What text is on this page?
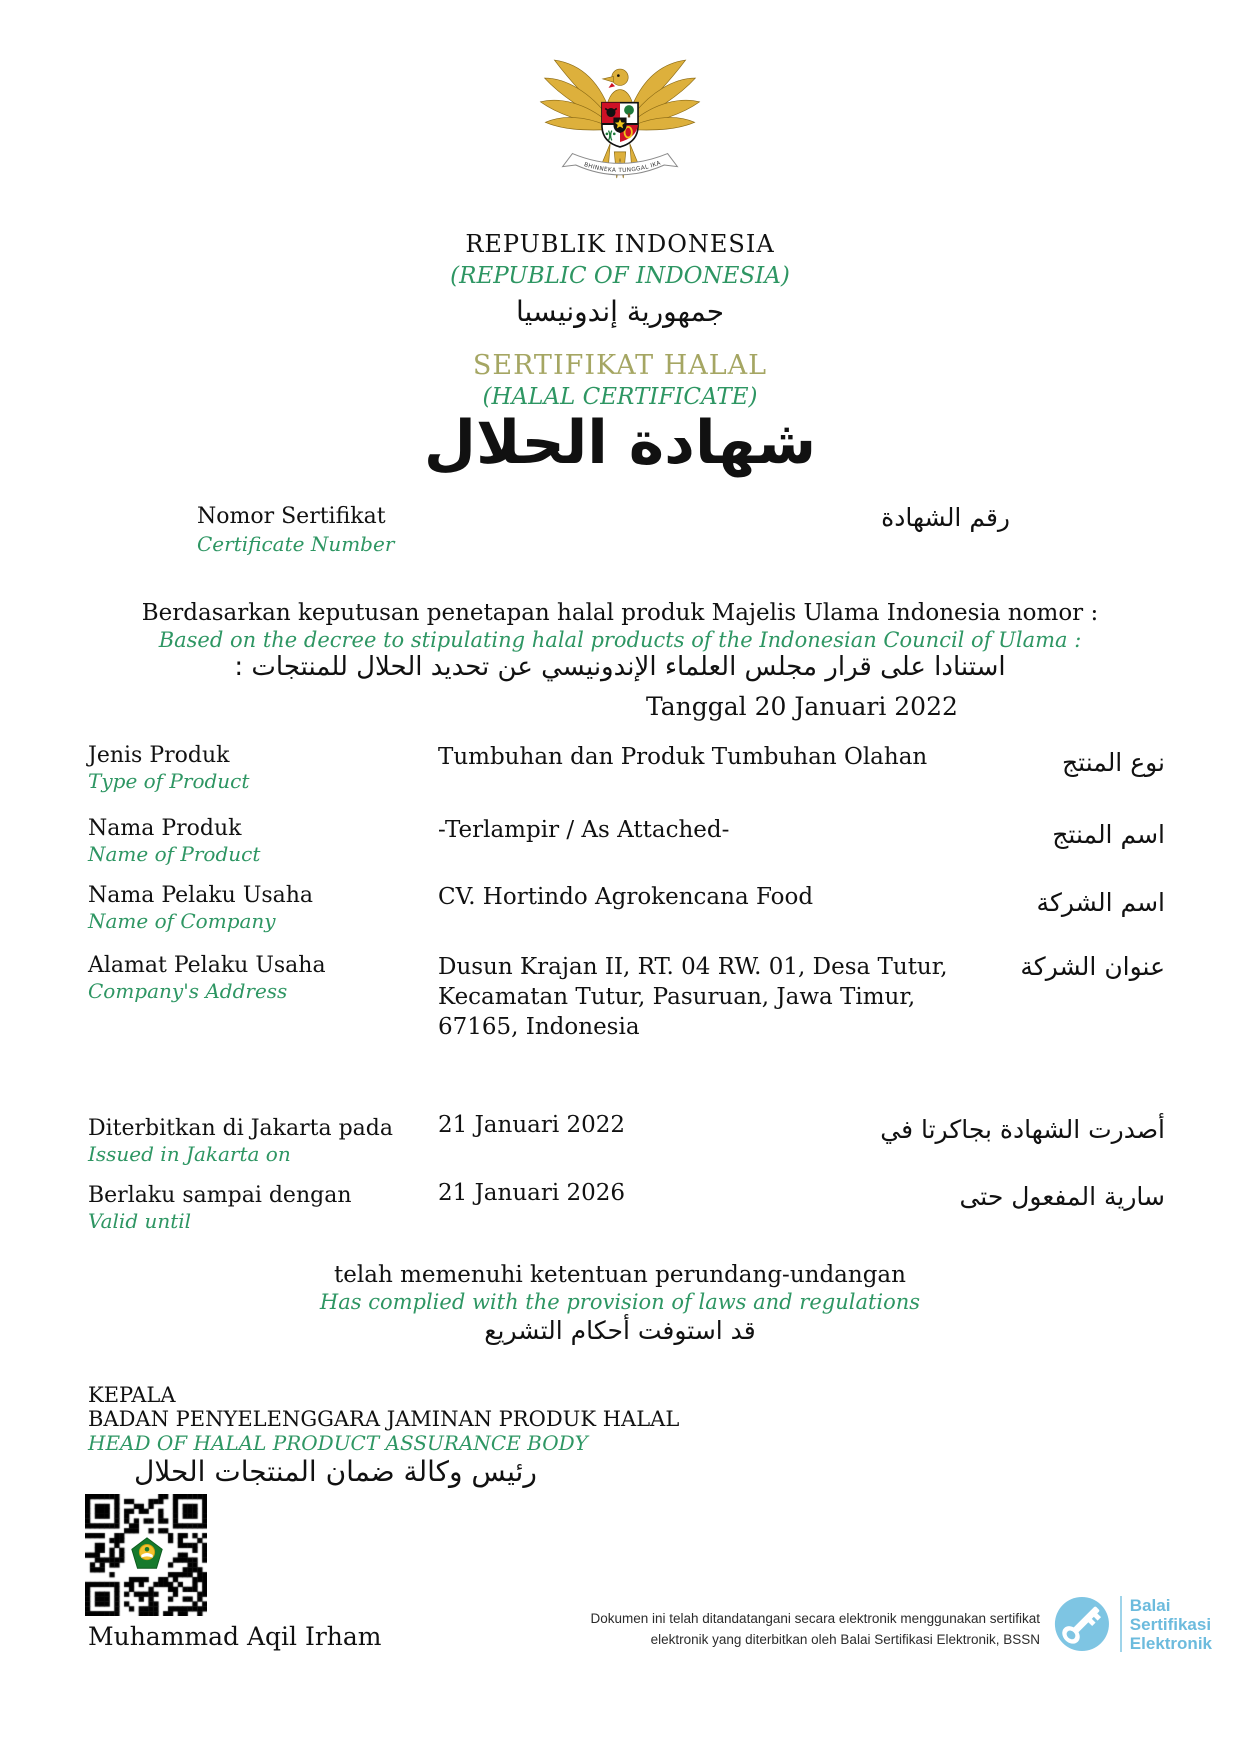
BHINNEKA TUNGGAL IKA
REPUBLIK INDONESIA
(REPUBLIC OF INDONESIA)
جمهورية إندونيسيا
SERTIFIKAT HALAL
(HALAL CERTIFICATE)
شهادة الحلال
Nomor Sertifikat
Certificate Number
رقم الشهادة
Berdasarkan keputusan penetapan halal produk Majelis Ulama Indonesia nomor :
Based on the decree to stipulating halal products of the Indonesian Council of Ulama :
استنادا على قرار مجلس العلماء الإندونيسي عن تحديد الحلال للمنتجات :
Tanggal 20 Januari 2022
Jenis Produk
Type of Product
Tumbuhan dan Produk Tumbuhan Olahan	نوع المنتج
Nama Produk
Name of Product
-Terlampir / As Attached-	اسم المنتج
Nama Pelaku Usaha
Name of Company
CV. Hortindo Agrokencana Food	اسم الشركة
Alamat Pelaku Usaha
Company's Address
Dusun Krajan II, RT. 04 RW. 01, Desa Tutur,
Kecamatan Tutur, Pasuruan, Jawa Timur,
67165, Indonesia
عنوان الشركة
Diterbitkan di Jakarta pada
Issued in Jakarta on
21 Januari 2022	أصدرت الشهادة بجاكرتا في
Berlaku sampai dengan
Valid until
21 Januari 2026	سارية المفعول حتى
telah memenuhi ketentuan perundang-undangan
Has complied with the provision of laws and regulations
قد استوفت أحكام التشريع
KEPALA
BADAN PENYELENGGARA JAMINAN PRODUK HALAL
HEAD OF HALAL PRODUCT ASSURANCE BODY
رئيس وكالة ضمان المنتجات الحلال
Muhammad Aqil Irham
Dokumen ini telah ditandatangani secara elektronik menggunakan sertifikat
elektronik yang diterbitkan oleh Balai Sertifikasi Elektronik, BSSN
Balai
Sertifikasi
Elektronik
